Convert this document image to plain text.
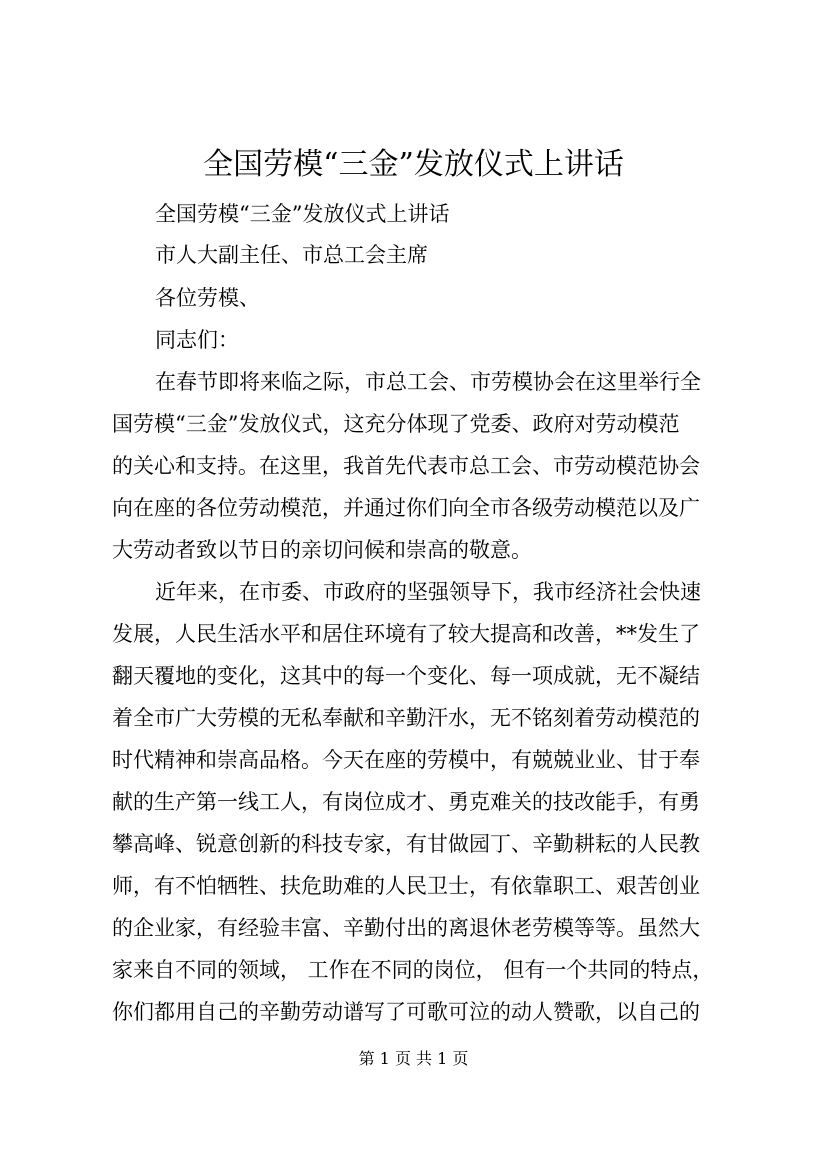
全国劳模“三金”发放仪式上讲话

全国劳模“三金”发放仪式上讲话

市人大副主任、市总工会主席

各位劳模、

同志们：

在春节即将来临之际，市总工会、市劳模协会在这里举行全

国劳模“三金”发放仪式，这充分体现了党委、政府对劳动模范

的关心和支持。在这里，我首先代表市总工会、市劳动模范协会

向在座的各位劳动模范，并通过你们向全市各级劳动模范以及广

大劳动者致以节日的亲切问候和崇高的敬意。

近年来，在市委、市政府的坚强领导下，我市经济社会快速

发展，人民生活水平和居住环境有了较大提高和改善，**发生了

翻天覆地的变化，这其中的每一个变化、每一项成就，无不凝结

着全市广大劳模的无私奉献和辛勤汗水，无不铭刻着劳动模范的

时代精神和崇高品格。今天在座的劳模中，有兢兢业业、甘于奉

献的生产第一线工人，有岗位成才、勇克难关的技改能手，有勇

攀高峰、锐意创新的科技专家，有甘做园丁、辛勤耕耘的人民教

师，有不怕牺牲、扶危助难的人民卫士，有依靠职工、艰苦创业

的企业家，有经验丰富、辛勤付出的离退休老劳模等等。虽然大

家来自不同的领域， 工作在不同的岗位， 但有一个共同的特点，

你们都用自己的辛勤劳动谱写了可歌可泣的动人赞歌，以自己的

第 1 页 共 1 页
